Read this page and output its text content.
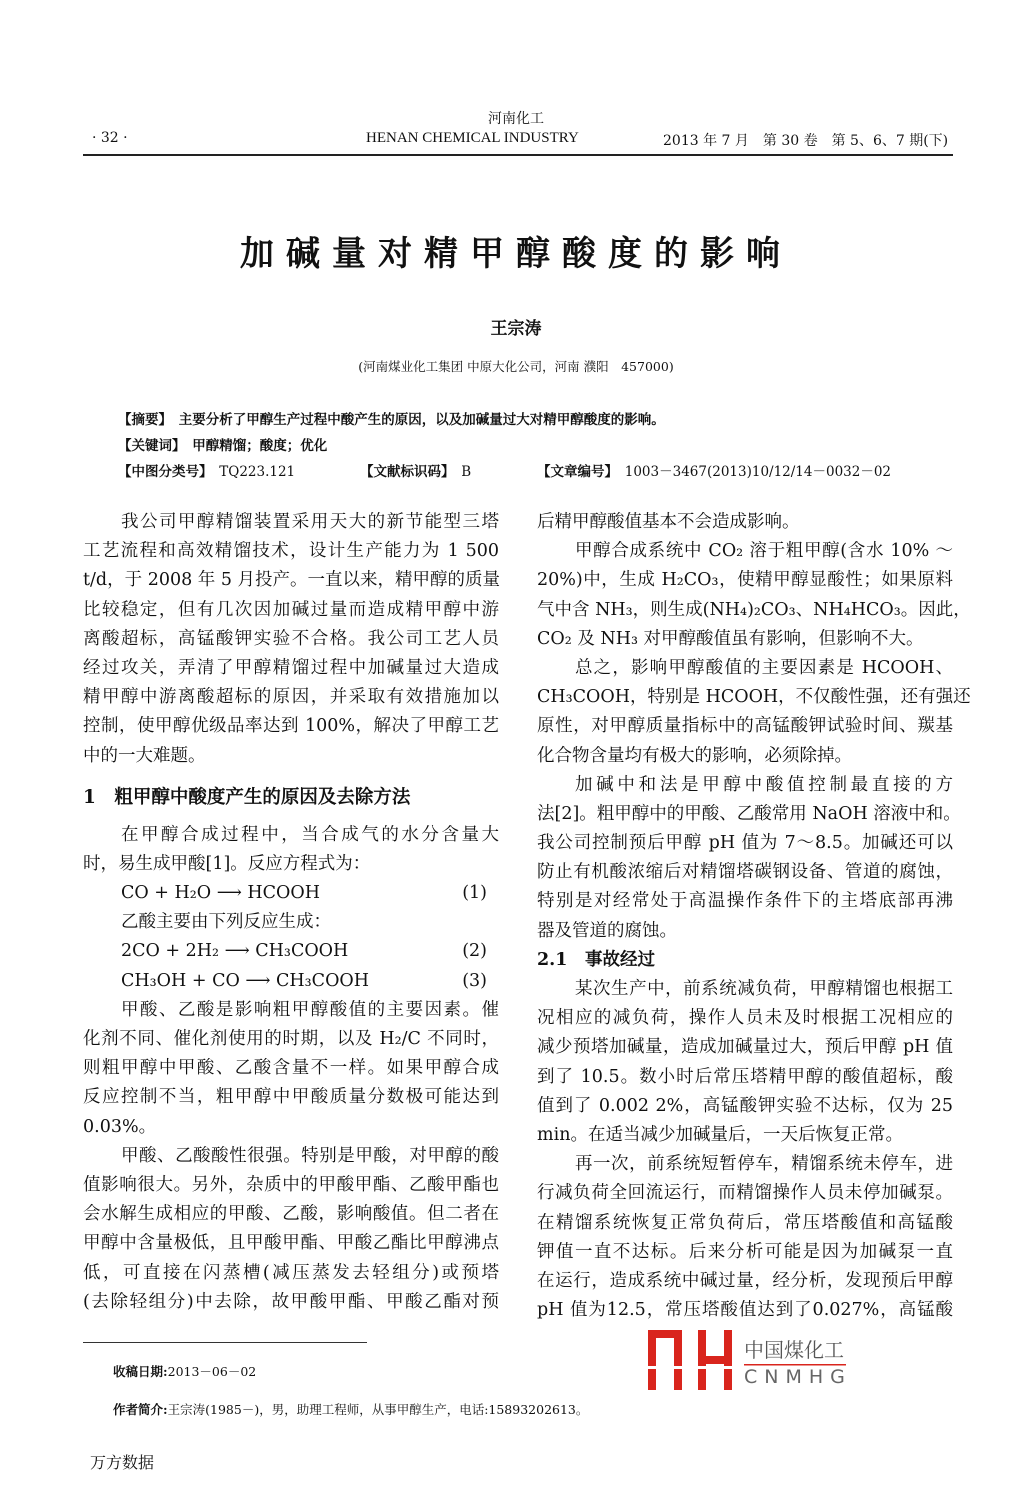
河南化工
· 32 ·	HENAN CHEMICAL INDUSTRY	2013 年 7 月　第 30 卷　第 5、6、7 期(下)
加碱量对精甲醇酸度的影响
王宗涛
(河南煤业化工集团 中原大化公司，河南 濮阳　457000)
【摘要】　 主要分析了甲醇生产过程中酸产生的原因，以及加碱量过大对精甲醇酸度的影响。
【关键词】　 甲醇精馏；酸度；优化
【中图分类号】　 TQ223.121	【文献标识码】　 B	【文章编号】　 1003－3467(2013)10/12/14－0032－02
我公司甲醇精馏装置采用天大的新节能型三塔
工艺流程和高效精馏技术，设计生产能力为 1 500
t/d，于 2008 年 5 月投产。一直以来，精甲醇的质量
比较稳定，但有几次因加碱过量而造成精甲醇中游
离酸超标，高锰酸钾实验不合格。我公司工艺人员
经过攻关，弄清了甲醇精馏过程中加碱量过大造成
精甲醇中游离酸超标的原因，并采取有效措施加以
控制，使甲醇优级品率达到 100%，解决了甲醇工艺
中的一大难题。
1　粗甲醇中酸度产生的原因及去除方法
在甲醇合成过程中，当合成气的水分含量大
时，易生成甲酸[1]。反应方程式为：
CO + H₂O ⟶ HCOOH	(1)
乙酸主要由下列反应生成：
2CO + 2H₂ ⟶ CH₃COOH	(2)
CH₃OH + CO ⟶ CH₃COOH	(3)
甲酸、乙酸是影响粗甲醇酸值的主要因素。催
化剂不同、催化剂使用的时期，以及 H₂/C 不同时，
则粗甲醇中甲酸、乙酸含量不一样。如果甲醇合成
反应控制不当，粗甲醇中甲酸质量分数极可能达到
0.03%。
甲酸、乙酸酸性很强。特别是甲酸，对甲醇的酸
值影响很大。另外，杂质中的甲酸甲酯、乙酸甲酯也
会水解生成相应的甲酸、乙酸，影响酸值。但二者在
甲醇中含量极低，且甲酸甲酯、甲酸乙酯比甲醇沸点
低，可直接在闪蒸槽(减压蒸发去轻组分)或预塔
(去除轻组分)中去除，故甲酸甲酯、甲酸乙酯对预
后精甲醇酸值基本不会造成影响。
甲醇合成系统中 CO₂ 溶于粗甲醇(含水 10% ～
20%)中，生成 H₂CO₃，使精甲醇显酸性；如果原料
气中含 NH₃，则生成(NH₄)₂CO₃、NH₄HCO₃。因此，
CO₂ 及 NH₃ 对甲醇酸值虽有影响，但影响不大。
总之，影响甲醇酸值的主要因素是 HCOOH、
CH₃COOH，特别是 HCOOH，不仅酸性强，还有强还
原性，对甲醇质量指标中的高锰酸钾试验时间、羰基
化合物含量均有极大的影响，必须除掉。
加碱中和法是甲醇中酸值控制最直接的方
法[2]。粗甲醇中的甲酸、乙酸常用 NaOH 溶液中和。
我公司控制预后甲醇 pH 值为 7～8.5。加碱还可以
防止有机酸浓缩后对精馏塔碳钢设备、管道的腐蚀，
特别是对经常处于高温操作条件下的主塔底部再沸
器及管道的腐蚀。
2.1　事故经过
某次生产中，前系统减负荷，甲醇精馏也根据工
况相应的减负荷，操作人员未及时根据工况相应的
减少预塔加碱量，造成加碱量过大，预后甲醇 pH 值
到了 10.5。数小时后常压塔精甲醇的酸值超标，酸
值到了 0.002 2%，高锰酸钾实验不达标，仅为 25
min。在适当减少加碱量后，一天后恢复正常。
再一次，前系统短暂停车，精馏系统未停车，进
行减负荷全回流运行，而精馏操作人员未停加碱泵。
在精馏系统恢复正常负荷后，常压塔酸值和高锰酸
钾值一直不达标。后来分析可能是因为加碱泵一直
在运行，造成系统中碱过量，经分析，发现预后甲醇
pH 值为12.5，常压塔酸值达到了0.027%，高锰酸
中国煤化工
CNMHG
收稿日期:2013－06－02
作者简介:王宗涛(1985－)，男，助理工程师，从事甲醇生产，电话:15893202613。
万方数据
